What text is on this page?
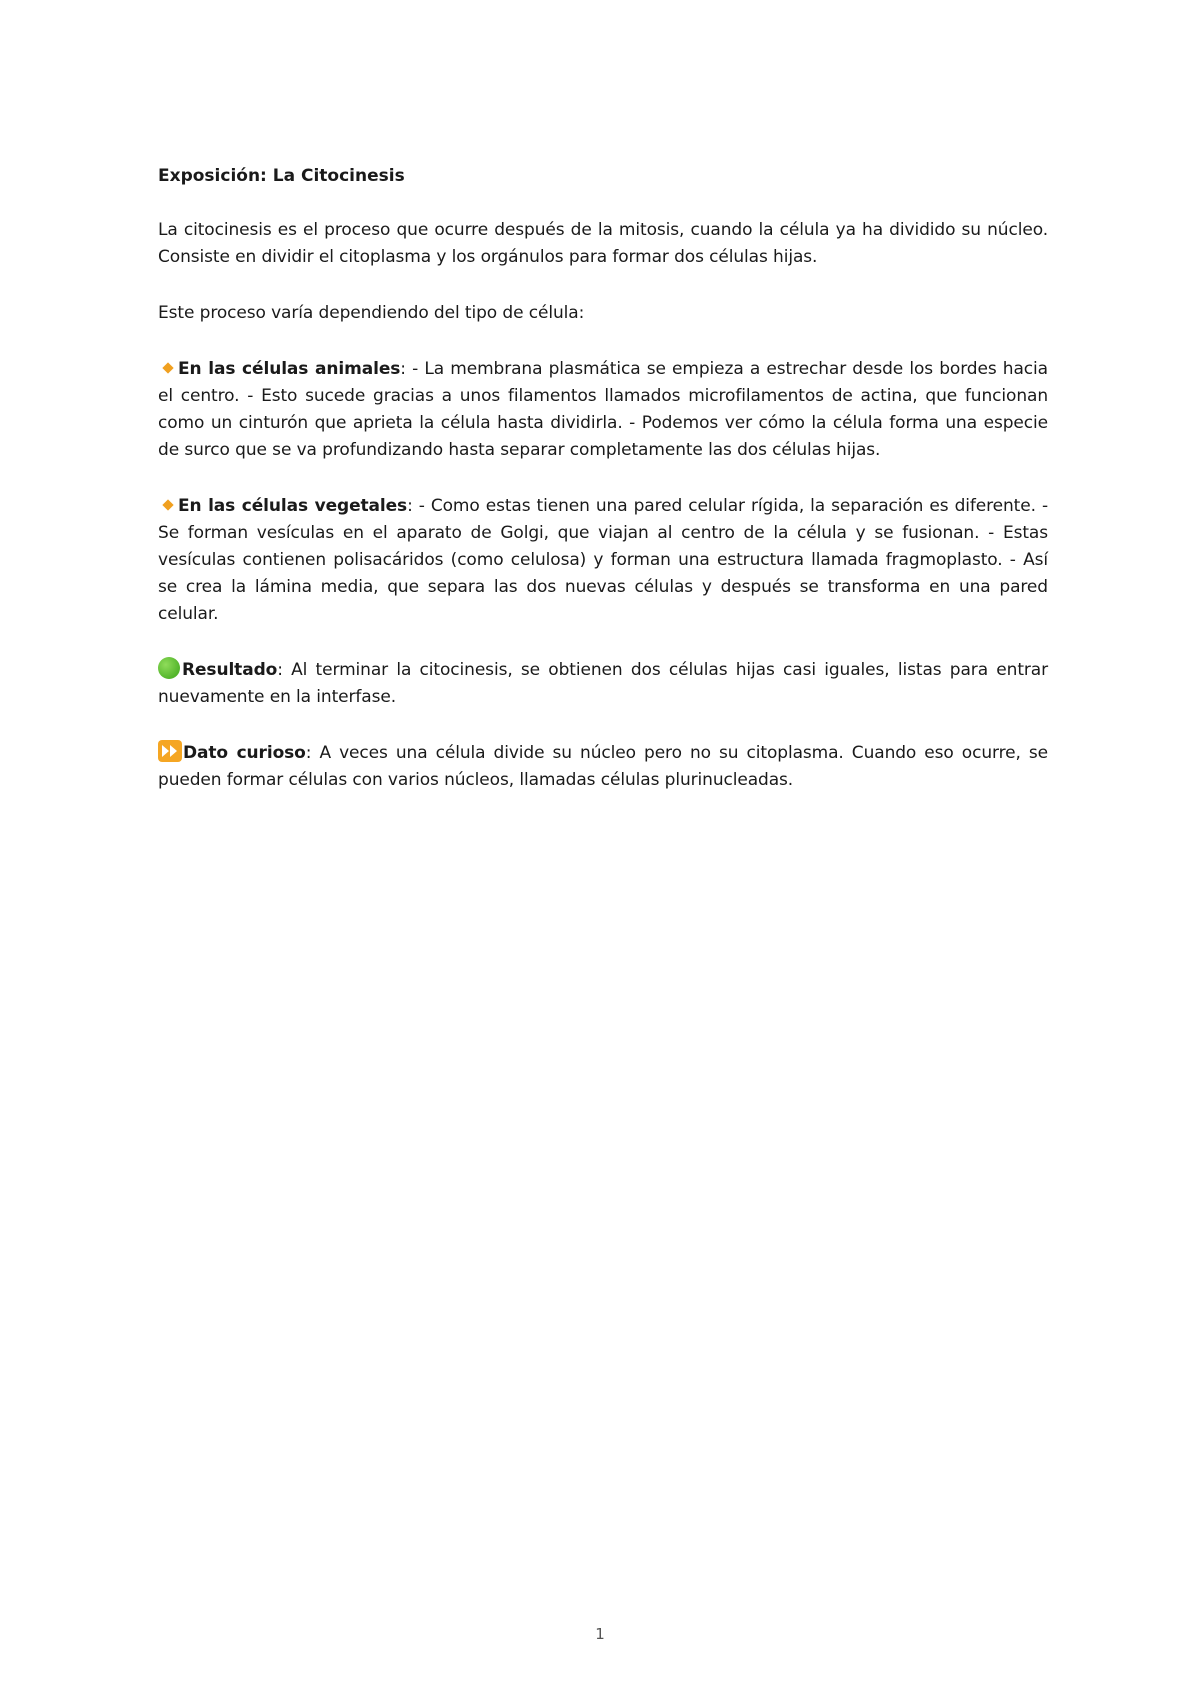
Exposición: La Citocinesis

La citocinesis es el proceso que ocurre después de la mitosis, cuando la célula ya ha dividido su núcleo. Consiste en dividir el citoplasma y los orgánulos para formar dos células hijas.

Este proceso varía dependiendo del tipo de célula:

En las células animales: - La membrana plasmática se empieza a estrechar desde los bordes hacia el centro. - Esto sucede gracias a unos filamentos llamados microfilamentos de actina, que funcionan como un cinturón que aprieta la célula hasta dividirla. - Podemos ver cómo la célula forma una especie de surco que se va profundizando hasta separar completamente las dos células hijas.

En las células vegetales: - Como estas tienen una pared celular rígida, la separación es diferente. - Se forman vesículas en el aparato de Golgi, que viajan al centro de la célula y se fusionan. - Estas vesículas contienen polisacáridos (como celulosa) y forman una estructura llamada fragmoplasto. - Así se crea la lámina media, que separa las dos nuevas células y después se transforma en una pared celular.

Resultado: Al terminar la citocinesis, se obtienen dos células hijas casi iguales, listas para entrar nuevamente en la interfase.

Dato curioso: A veces una célula divide su núcleo pero no su citoplasma. Cuando eso ocurre, se pueden formar células con varios núcleos, llamadas células plurinucleadas.

1
